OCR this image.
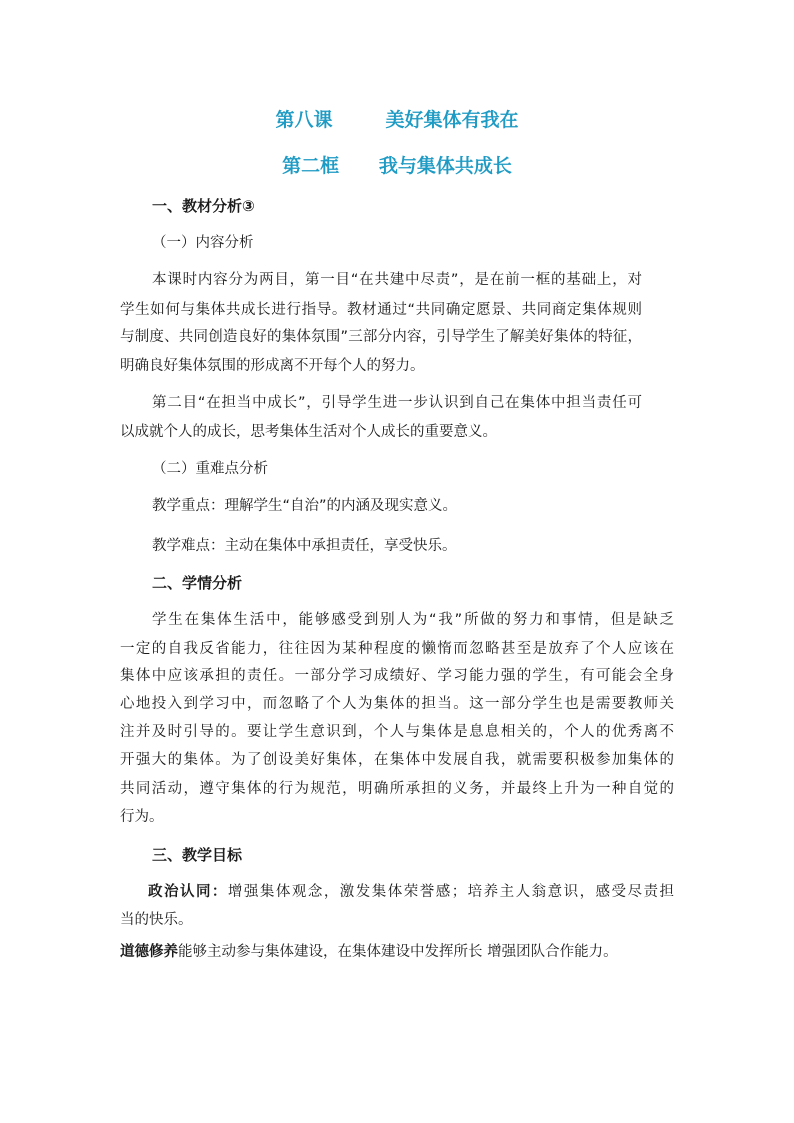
第八课        美好集体有我在
第二框      我与集体共成长
一、教材分析③
（一）内容分析
本课时内容分为两目，第一目“在共建中尽责”，是在前一框的基础上，对
学生如何与集体共成长进行指导。教材通过“共同确定愿景、共同商定集体规则
与制度、共同创造良好的集体氛围”三部分内容，引导学生了解美好集体的特征，
明确良好集体氛围的形成离不开每个人的努力。
第二目“在担当中成长”，引导学生进一步认识到自己在集体中担当责任可
以成就个人的成长，思考集体生活对个人成长的重要意义。
（二）重难点分析
教学重点：理解学生“自治”的内涵及现实意义。
教学难点：主动在集体中承担责任，享受快乐。
二、学情分析
学生在集体生活中，能够感受到别人为“我”所做的努力和事情，但是缺乏
一定的自我反省能力，往往因为某种程度的懒惰而忽略甚至是放弃了个人应该在
集体中应该承担的责任。一部分学习成绩好、学习能力强的学生，有可能会全身
心地投入到学习中，而忽略了个人为集体的担当。这一部分学生也是需要教师关
注并及时引导的。要让学生意识到，个人与集体是息息相关的，个人的优秀离不
开强大的集体。为了创设美好集体，在集体中发展自我，就需要积极参加集体的
共同活动，遵守集体的行为规范，明确所承担的义务，并最终上升为一种自觉的
行为。
三、教学目标
政治认同：增强集体观念，激发集体荣誉感；培养主人翁意识，感受尽责担
当的快乐。
道德修养能够主动参与集体建设，在集体建设中发挥所长 增强团队合作能力。
